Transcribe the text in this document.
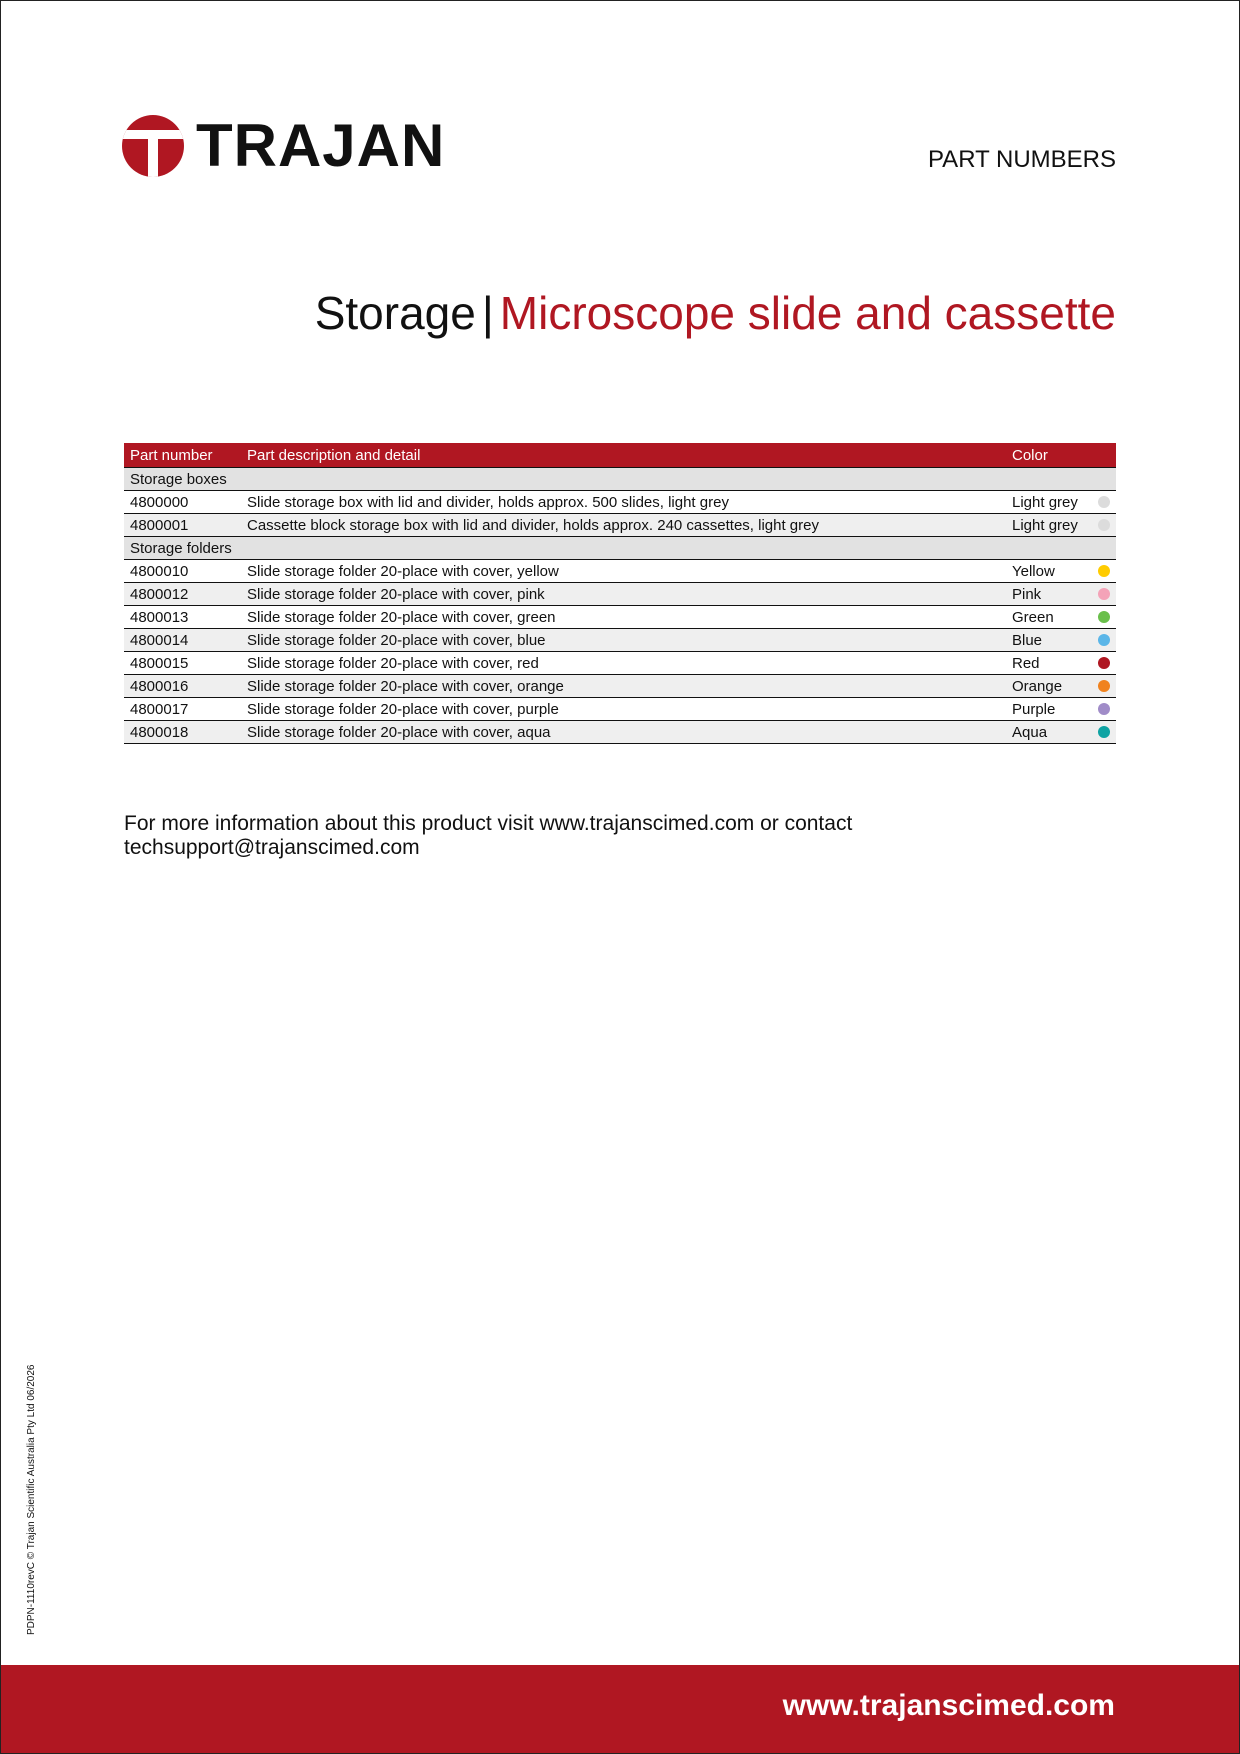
TRAJAN	PART NUMBERS
Storage | Microscope slide and cassette
Part number	Part description and detail	Color
Storage boxes		
4800000	Slide storage box with lid and divider, holds approx. 500 slides, light grey	Light grey

4800001	Cassette block storage box with lid and divider, holds approx. 240 cassettes, light grey	Light grey

Storage folders		
4800010	Slide storage folder 20-place with cover, yellow	Yellow

4800012	Slide storage folder 20-place with cover, pink	Pink

4800013	Slide storage folder 20-place with cover, green	Green

4800014	Slide storage folder 20-place with cover, blue	Blue

4800015	Slide storage folder 20-place with cover, red	Red

4800016	Slide storage folder 20-place with cover, orange	Orange

4800017	Slide storage folder 20-place with cover, purple	Purple

4800018	Slide storage folder 20-place with cover, aqua	Aqua
For more information about this product visit www.trajanscimed.com or contact
techsupport@trajanscimed.com
PDPN-1110revC © Trajan Scientific Australia Pty Ltd 06/2026
www.trajanscimed.com
